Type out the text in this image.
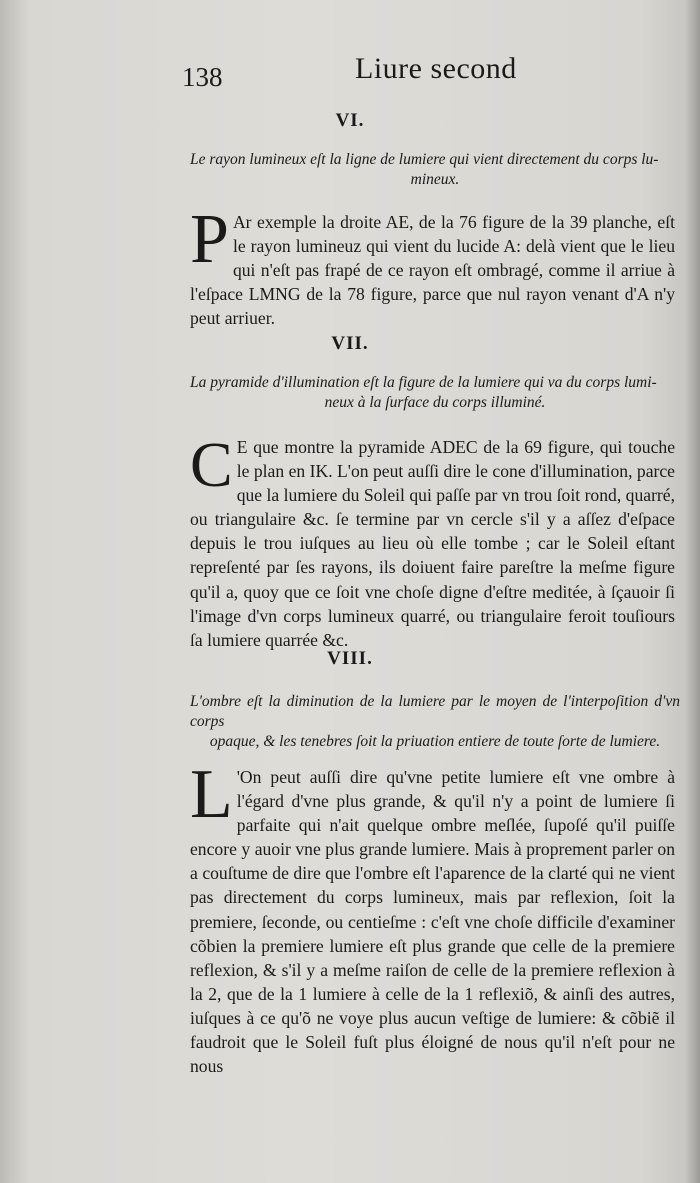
138	Liure second
VI.
Le rayon lumineux eſt la ligne de lumiere qui vient directement du corps lu-
mineux.
P Ar exemple la droite AE, de la 76 figure de la 39 planche, eſt le rayon lumineuz qui vient du lucide A: delà vient que le lieu qui n'eſt pas frapé de ce rayon eſt ombragé, comme il arriue à l'eſpace LMNG de la 78 figure, parce que nul rayon venant d'A n'y peut arriuer.
VII.
La pyramide d'illumination eſt la figure de la lumiere qui va du corps lumi-
neux à la ſurface du corps illuminé.
C E que montre la pyramide ADEC de la 69 figure, qui touche le plan en IK. L'on peut auſſi dire le cone d'illumination, parce que la lumiere du Soleil qui paſſe par vn trou ſoit rond, quarré, ou triangulaire &c. ſe termine par vn cercle s'il y a aſſez d'eſpace depuis le trou iuſques au lieu où elle tombe ; car le Soleil eſtant repreſenté par ſes rayons, ils doiuent faire pareſtre la meſme figure qu'il a, quoy que ce ſoit vne choſe digne d'eſtre meditée, à ſçauoir ſi l'image d'vn corps lumineux quarré, ou triangulaire feroit touſiours ſa lumiere quarrée &c.
VIII.
L'ombre eſt la diminution de la lumiere par le moyen de l'interpoſition d'vn corps
opaque, & les tenebres ſoit la priuation entiere de toute ſorte de lumiere.
L 'On peut auſſi dire qu'vne petite lumiere eſt vne ombre à l'égard d'vne plus grande, & qu'il n'y a point de lumiere ſi parfaite qui n'ait quelque ombre meſlée, ſupoſé qu'il puiſſe encore y auoir vne plus grande lumiere. Mais à proprement parler on a couſtume de dire que l'ombre eſt l'aparence de la clarté qui ne vient pas directement du corps lumineux, mais par reflexion, ſoit la premiere, ſeconde, ou centieſme : c'eſt vne choſe difficile d'examiner cõbien la premiere lumiere eſt plus grande que celle de la premiere reflexion, & s'il y a meſme raiſon de celle de la premiere reflexion à la 2, que de la 1 lumiere à celle de la 1 reflexiõ, & ainſi des autres, iuſques à ce qu'õ ne voye plus aucun veſtige de lumiere: & cõbiẽ il faudroit que le Soleil fuſt plus éloigné de nous qu'il n'eſt pour ne nous
